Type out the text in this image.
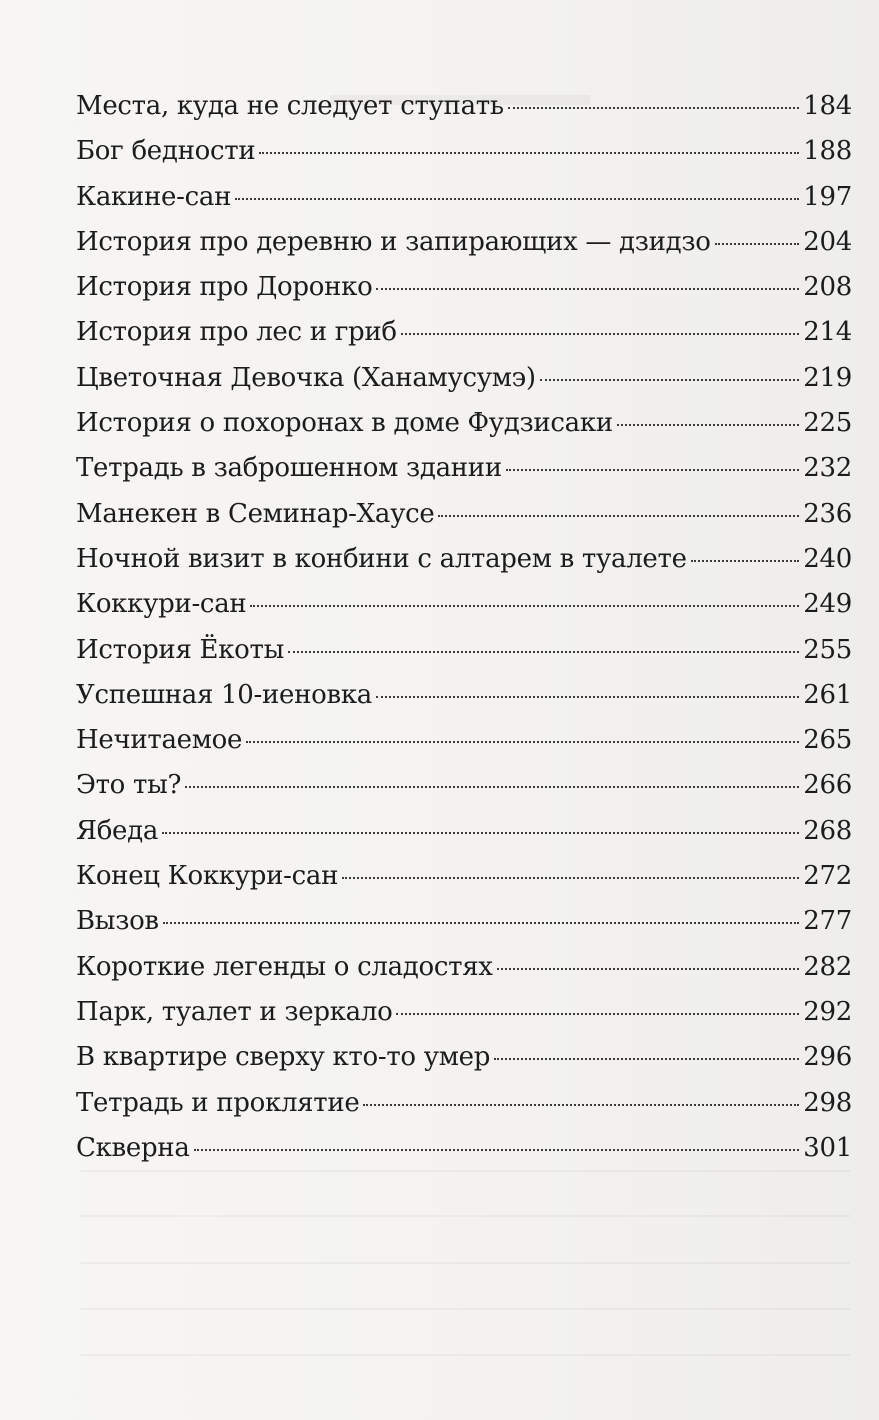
Места, куда не следует ступать	184
Бог бедности	188
Какине-сан	197
История про деревню и запирающих — дзидзо	204
История про Доронко	208
История про лес и гриб	214
Цветочная Девочка (Ханамусумэ)	219
История о похоронах в доме Фудзисаки	225
Тетрадь в заброшенном здании	232
Манекен в Семинар-Хаусе	236
Ночной визит в конбини с алтарем в туалете	240
Коккури-сан	249
История Ёкоты	255
Успешная 10-иеновка	261
Нечитаемое	265
Это ты?	266
Ябеда	268
Конец Коккури-сан	272
Вызов	277
Короткие легенды о сладостях	282
Парк, туалет и зеркало	292
В квартире сверху кто-то умер	296
Тетрадь и проклятие	298
Скверна	301
